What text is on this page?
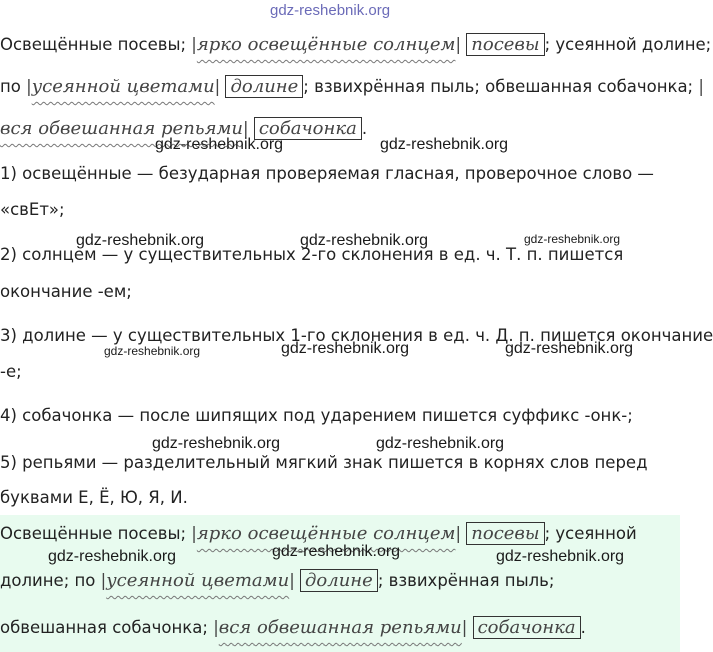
gdz-reshebnik.org
Освещённые посевы; |ярко освещённые солнцем| посевы ; усеянной долине;
по |усеянной цветами| долине ; взвихрённая пыль; обвешанная собачонка; |
вся обвешанная репьями| собачонка .
gdz-reshebnik.org	gdz-reshebnik.org
1) освещённые — безударная проверяемая гласная, проверочное слово —
«свЕт»;
gdz-reshebnik.org	gdz-reshebnik.org	gdz-reshebnik.org
2) солнцем — у существительных 2-го склонения в ед. ч. Т. п. пишется
окончание -ем;
3) долине — у существительных 1-го склонения в ед. ч. Д. п. пишется окончание
gdz-reshebnik.org	gdz-reshebnik.org	gdz-reshebnik.org
-е;
4) собачонка — после шипящих под ударением пишется суффикс -онк-;
gdz-reshebnik.org	gdz-reshebnik.org
5) репьями — разделительный мягкий знак пишется в корнях слов перед
буквами Е, Ё, Ю, Я, И.
Освещённые посевы; |ярко освещённые солнцем| посевы ; усеянной
gdz-reshebnik.org	gdz-reshebnik.org	gdz-reshebnik.org
долине; по |усеянной цветами| долине ; взвихрённая пыль;
обвешанная собачонка; |вся обвешанная репьями| собачонка .
